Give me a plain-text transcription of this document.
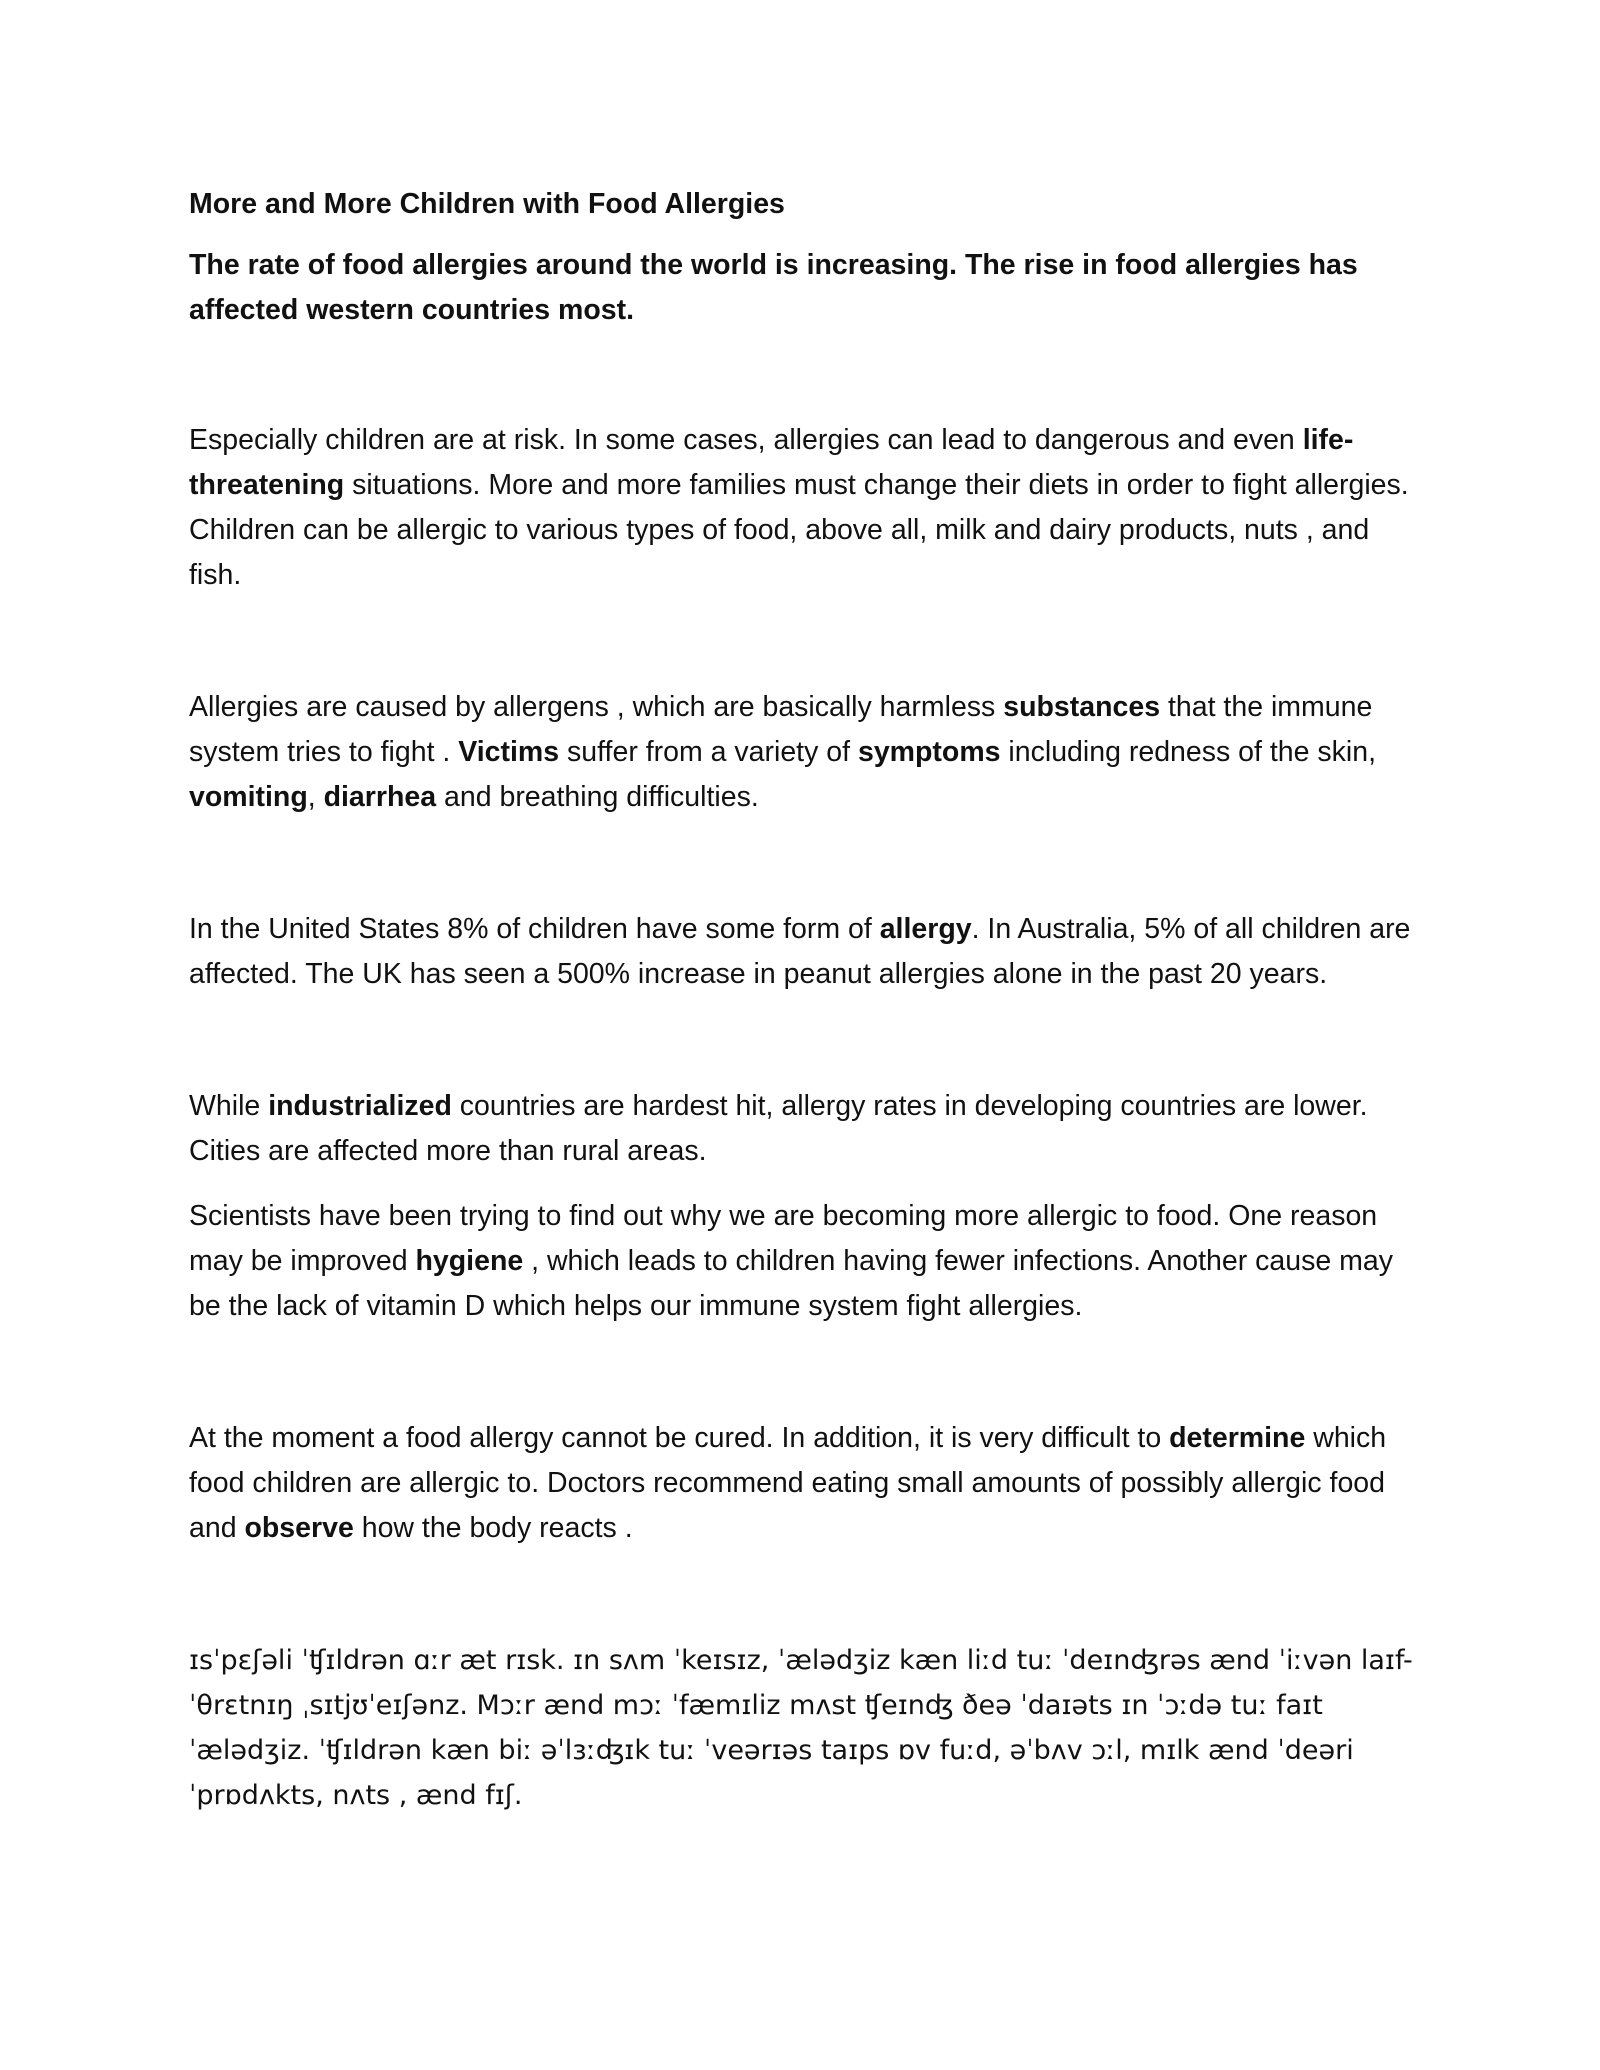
More and More Children with Food Allergies

The rate of food allergies around the world is increasing. The rise in food allergies has affected western countries most.

Especially children are at risk. In some cases, allergies can lead to dangerous and even life-threatening situations. More and more families must change their diets in order to fight allergies. Children can be allergic to various types of food, above all, milk and dairy products, nuts , and fish.

Allergies are caused by allergens , which are basically harmless substances that the immune system tries to fight . Victims suffer from a variety of symptoms including redness of the skin, vomiting, diarrhea and breathing difficulties.

In the United States 8% of children have some form of allergy. In Australia, 5% of all children are affected. The UK has seen a 500% increase in peanut allergies alone in the past 20 years.

While industrialized countries are hardest hit, allergy rates in developing countries are lower. Cities are affected more than rural areas.

Scientists have been trying to find out why we are becoming more allergic to food. One reason may be improved hygiene , which leads to children having fewer infections. Another cause may be the lack of vitamin D which helps our immune system fight allergies.

At the moment a food allergy cannot be cured. In addition, it is very difficult to determine which food children are allergic to. Doctors recommend eating small amounts of possibly allergic food and observe how the body reacts .

ɪsˈpɛʃəli ˈʧɪldrən ɑːr æt rɪsk. ɪn sʌm ˈkeɪsɪz, ˈælədʒiz kæn liːd tuː ˈdeɪnʤrəs ænd ˈiːvən laɪf-ˈθrɛtnɪŋ ˌsɪtjʊˈeɪʃənz. Mɔːr ænd mɔː ˈfæmɪliz mʌst ʧeɪnʤ ðeə ˈdaɪəts ɪn ˈɔːdə tuː faɪt ˈælədʒiz. ˈʧɪldrən kæn biː əˈlɜːʤɪk tuː ˈveərɪəs taɪps ɒv fuːd, əˈbʌv ɔːl, mɪlk ænd ˈdeəri ˈprɒdʌkts, nʌts , ænd fɪʃ.
